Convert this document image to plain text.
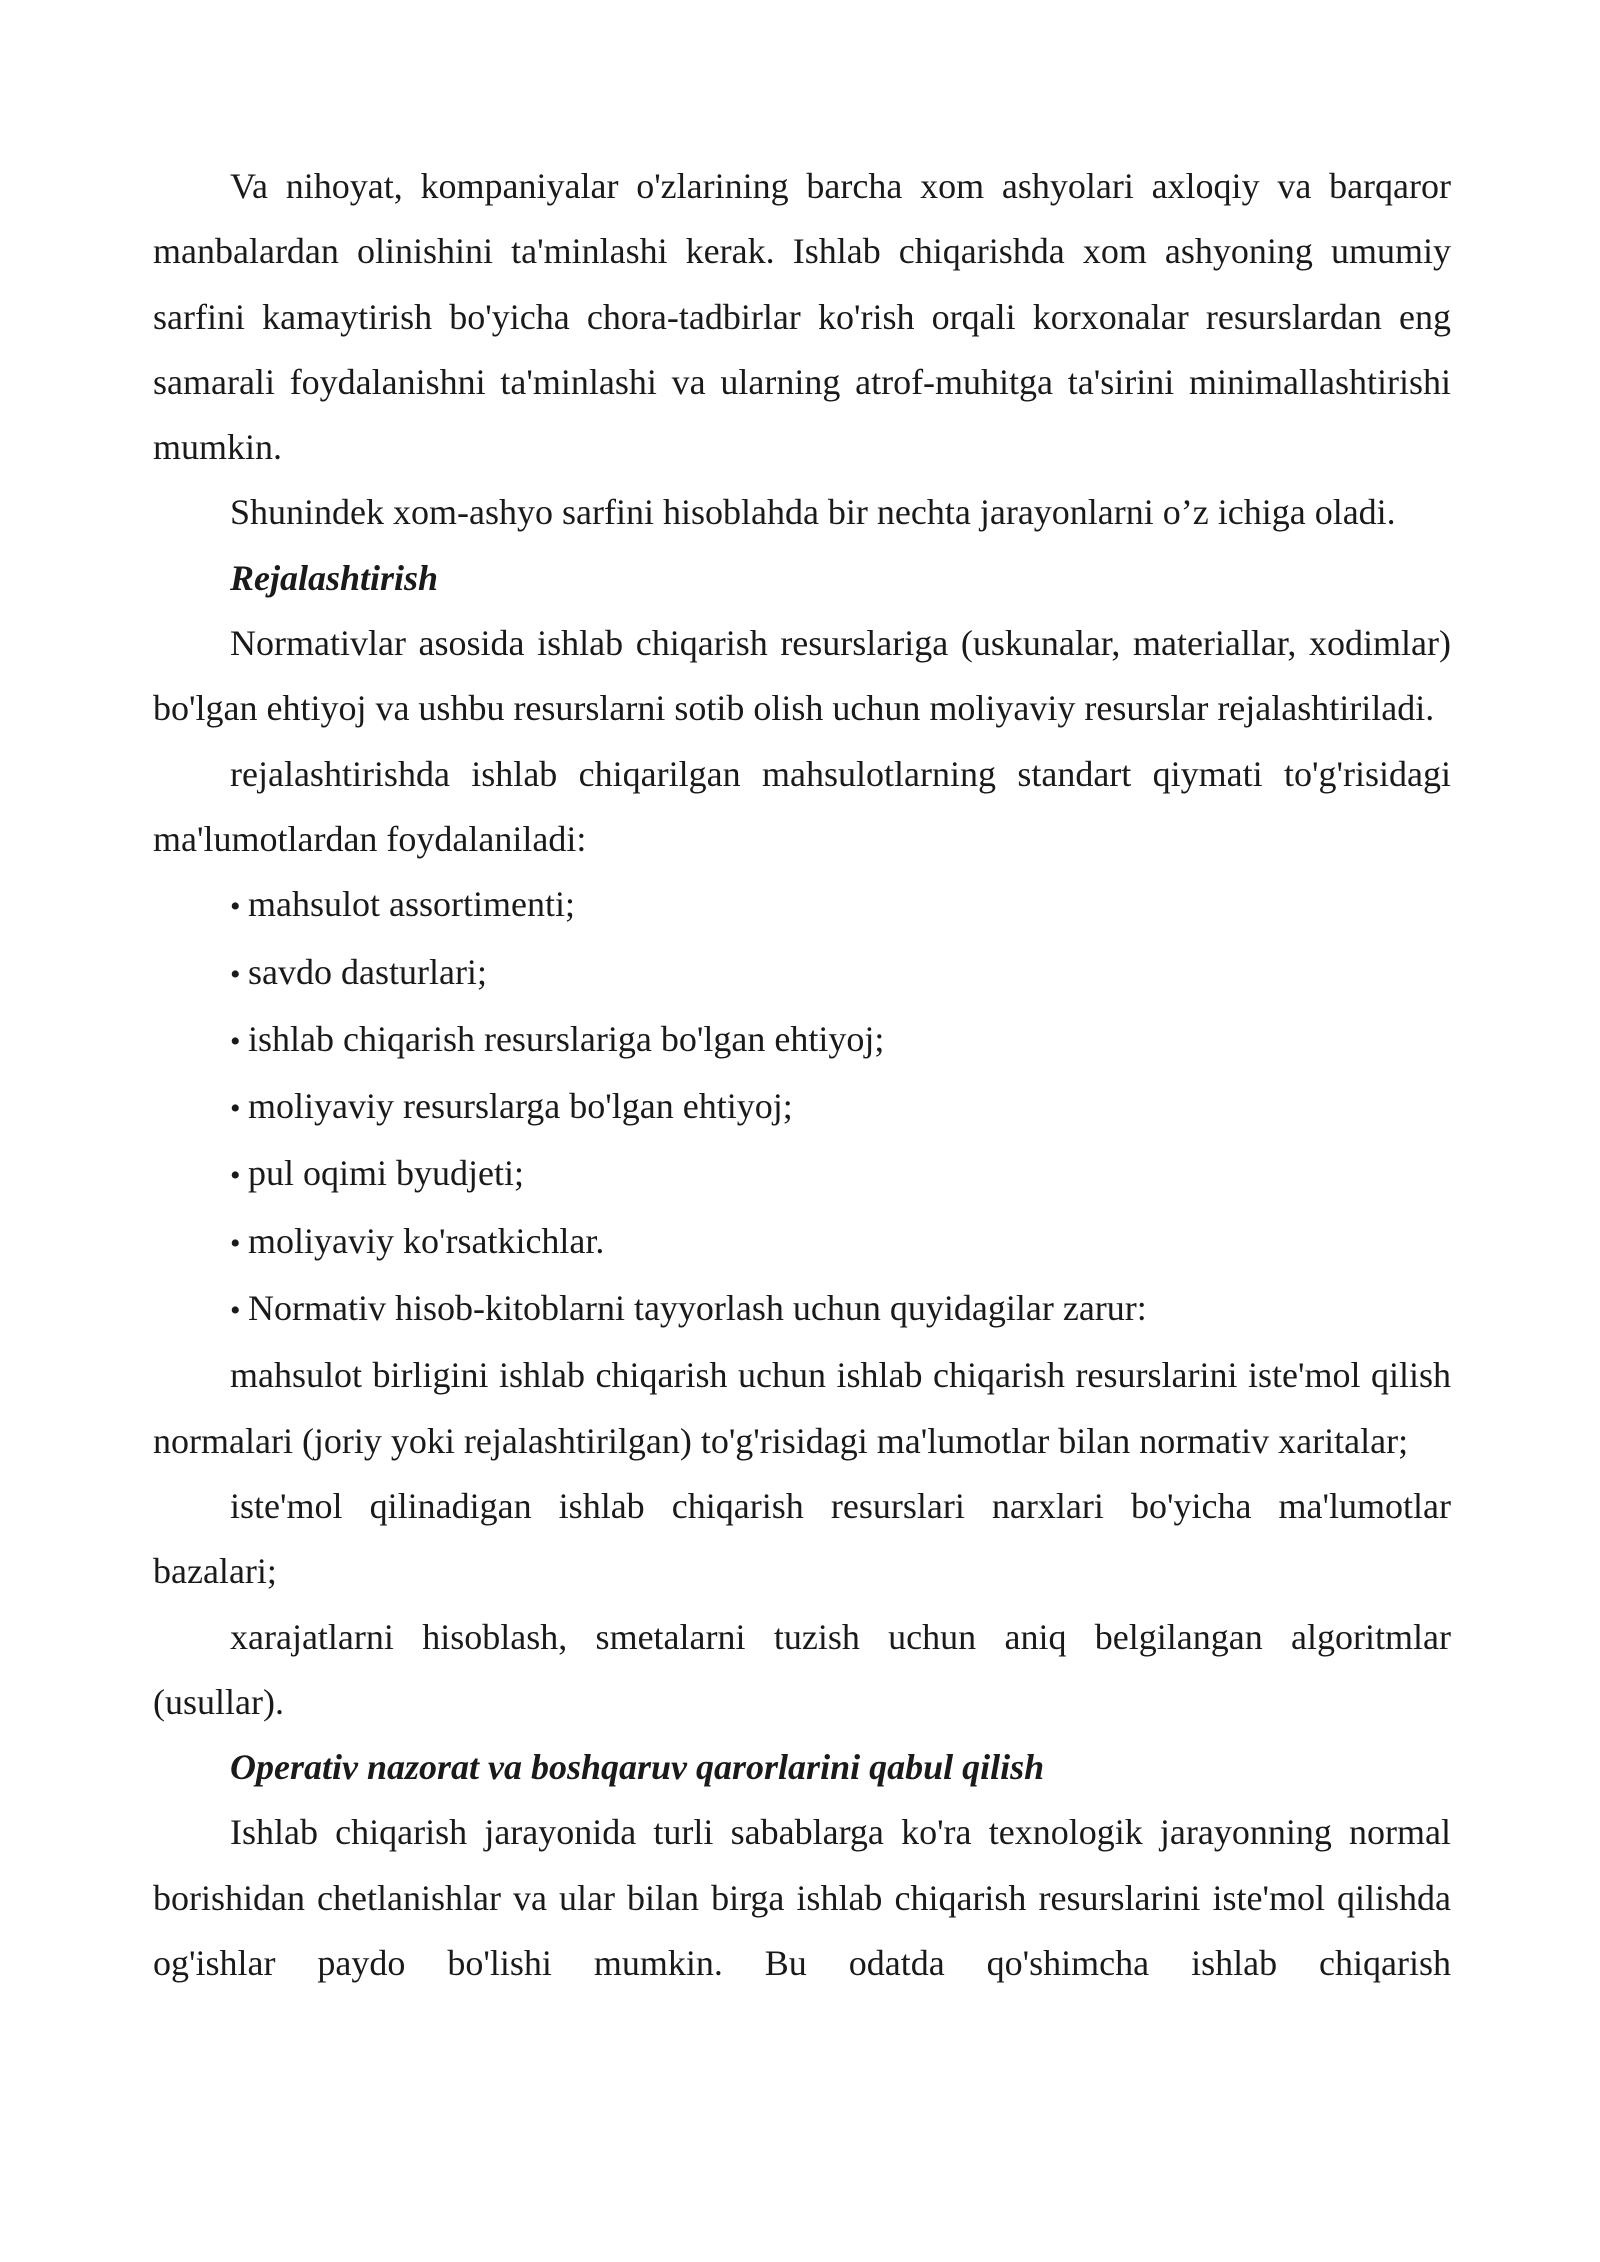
Va nihoyat, kompaniyalar o'zlarining barcha xom ashyolari axloqiy va barqaror manbalardan olinishini ta'minlashi kerak. Ishlab chiqarishda xom ashyoning umumiy sarfini kamaytirish bo'yicha chora-tadbirlar ko'rish orqali korxonalar resurslardan eng samarali foydalanishni ta'minlashi va ularning atrof-muhitga ta'sirini minimallashtirishi mumkin.

Shunindek xom-ashyo sarfini hisoblahda bir nechta jarayonlarni o’z ichiga oladi.

Rejalashtirish

Normativlar asosida ishlab chiqarish resurslariga (uskunalar, materiallar, xodimlar) bo'lgan ehtiyoj va ushbu resurslarni sotib olish uchun moliyaviy resurslar rejalashtiriladi.

rejalashtirishda ishlab chiqarilgan mahsulotlarning standart qiymati to'g'risidagi ma'lumotlardan foydalaniladi:

• mahsulot assortimenti;
• savdo dasturlari;
• ishlab chiqarish resurslariga bo'lgan ehtiyoj;
• moliyaviy resurslarga bo'lgan ehtiyoj;
• pul oqimi byudjeti;
• moliyaviy ko'rsatkichlar.
• Normativ hisob-kitoblarni tayyorlash uchun quyidagilar zarur:

mahsulot birligini ishlab chiqarish uchun ishlab chiqarish resurslarini iste'mol qilish normalari (joriy yoki rejalashtirilgan) to'g'risidagi ma'lumotlar bilan normativ xaritalar;

iste'mol qilinadigan ishlab chiqarish resurslari narxlari bo'yicha ma'lumotlar bazalari;

xarajatlarni hisoblash, smetalarni tuzish uchun aniq belgilangan algoritmlar (usullar).

Operativ nazorat va boshqaruv qarorlarini qabul qilish

Ishlab chiqarish jarayonida turli sabablarga ko'ra texnologik jarayonning normal borishidan chetlanishlar va ular bilan birga ishlab chiqarish resurslarini iste'mol qilishda og'ishlar paydo bo'lishi mumkin. Bu odatda qo'shimcha ishlab chiqarish
